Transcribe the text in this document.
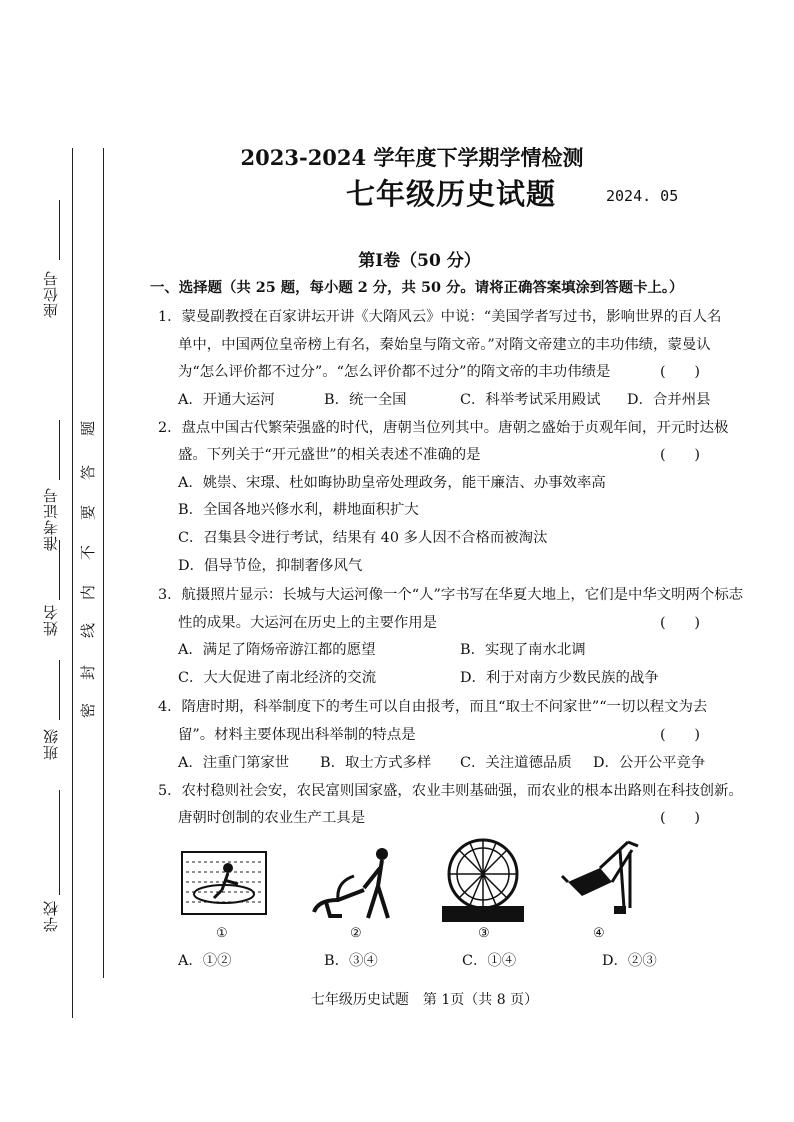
座位号
准考证号
姓名
班级
学校
题
答
要
不
内
线
封
密
2023-2024 学年度下学期学情检测
七年级历史试题	2024. 05
第Ⅰ卷（50 分）
一、选择题（共 25 题，每小题 2 分，共 50 分。请将正确答案填涂到答题卡上。）
1．蒙曼副教授在百家讲坛开讲《大隋风云》中说：“美国学者写过书，影响世界的百人名
单中，中国两位皇帝榜上有名，秦始皇与隋文帝。”对隋文帝建立的丰功伟绩，蒙曼认
为“怎么评价都不过分”。“怎么评价都不过分”的隋文帝的丰功伟绩是	(　　)
A．开通大运河	B．统一全国	C．科举考试采用殿试 D．合并州县
2．盘点中国古代繁荣强盛的时代，唐朝当位列其中。唐朝之盛始于贞观年间，开元时达极
盛。下列关于“开元盛世”的相关表述不准确的是	(　　)
A．姚崇、宋璟、杜如晦协助皇帝处理政务，能干廉洁、办事效率高
B．全国各地兴修水利，耕地面积扩大
C．召集县令进行考试，结果有 40 多人因不合格而被淘汰
D．倡导节俭，抑制奢侈风气
3．航摄照片显示：长城与大运河像一个“人”字书写在华夏大地上，它们是中华文明两个标志
性的成果。大运河在历史上的主要作用是	(　　)
A．满足了隋炀帝游江都的愿望	B．实现了南水北调
C．大大促进了南北经济的交流	D．利于对南方少数民族的战争
4．隋唐时期，科举制度下的考生可以自由报考，而且“取士不问家世”“一切以程文为去
留”。材料主要体现出科举制的特点是	(　　)
A．注重门第家世 B．取士方式多样 C．关注道德品质 D．公开公平竞争
5．农村稳则社会安，农民富则国家盛，农业丰则基础强，而农业的根本出路则在科技创新。
唐朝时创制的农业生产工具是	(　　)
①	②	③	④
A．①②	B．③④	C．①④	D．②③
七年级历史试题　第 1页（共 8 页）
